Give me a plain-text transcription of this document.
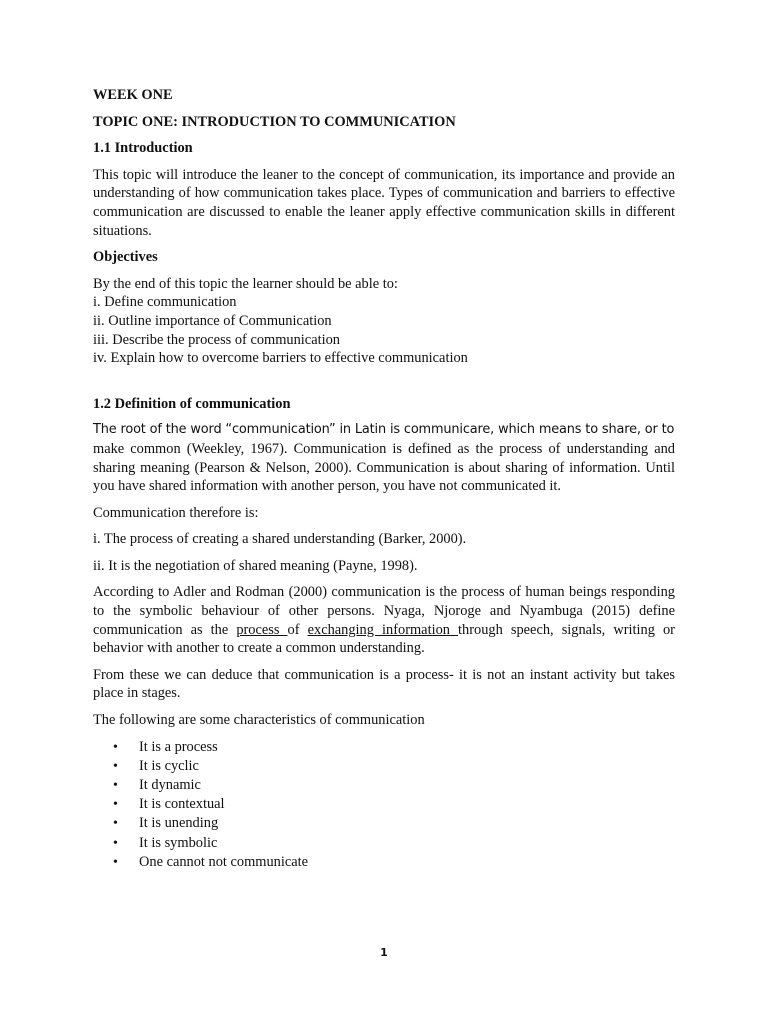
WEEK ONE
TOPIC ONE: INTRODUCTION TO COMMUNICATION
1.1 Introduction

This topic will introduce the leaner to the concept of communication, its importance and provide an understanding of how communication takes place. Types of communication and barriers to effective communication are discussed to enable the leaner apply effective communication skills in different situations.

Objectives
By the end of this topic the learner should be able to:
i. Define communication
ii. Outline importance of Communication
iii. Describe the process of communication
iv. Explain how to overcome barriers to effective communication
1.2 Definition of communication

The root of the word “communication” in Latin is communicare, which means to share, or to
make common (Weekley, 1967). Communication is defined as the process of understanding and sharing meaning (Pearson & Nelson, 2000). Communication is about sharing of information. Until you have shared information with another person, you have not communicated it.

Communication therefore is:

i. The process of creating a shared understanding (Barker, 2000).

ii. It is the negotiation of shared meaning (Payne, 1998).

According to Adler and Rodman (2000) communication is the process of human beings responding to the symbolic behaviour of other persons. Nyaga, Njoroge and Nyambuga (2015) define communication as the process of exchanging information through speech, signals, writing or behavior with another to create a common understanding.

From these we can deduce that communication is a process- it is not an instant activity but takes place in stages.

The following are some characteristics of communication

• It is a process
• It is cyclic
• It dynamic
• It is contextual
• It is unending
• It is symbolic
• One cannot not communicate
1
